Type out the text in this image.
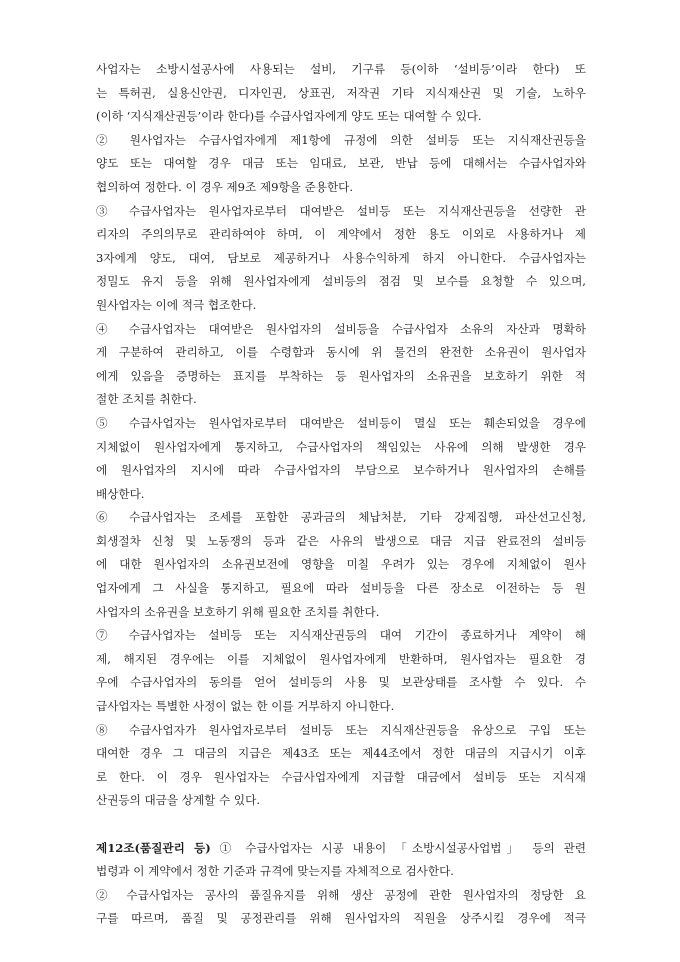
사업자는 소방시설공사에 사용되는 설비, 기구류 등(이하 ‘설비등’이라 한다) 또
는 특허권, 실용신안권, 디자인권, 상표권, 저작권 기타 지식재산권 및 기술, 노하우
(이하 ‘지식재산권등’이라 한다)를 수급사업자에게 양도 또는 대여할 수 있다.
② 원사업자는 수급사업자에게 제1항에 규정에 의한 설비등 또는 지식재산권등을
양도 또는 대여할 경우 대금 또는 임대료, 보관, 반납 등에 대해서는 수급사업자와
협의하여 정한다. 이 경우 제9조 제9항을 준용한다.
③ 수급사업자는 원사업자로부터 대여받은 설비등 또는 지식재산권등을 선량한 관
리자의 주의의무로 관리하여야 하며, 이 계약에서 정한 용도 이외로 사용하거나 제
3자에게 양도, 대여, 담보로 제공하거나 사용수익하게 하지 아니한다. 수급사업자는
정밀도 유지 등을 위해 원사업자에게 설비등의 점검 및 보수를 요청할 수 있으며,
원사업자는 이에 적극 협조한다.
④ 수급사업자는 대여받은 원사업자의 설비등을 수급사업자 소유의 자산과 명확하
게 구분하여 관리하고, 이를 수령함과 동시에 위 물건의 완전한 소유권이 원사업자
에게 있음을 증명하는 표지를 부착하는 등 원사업자의 소유권을 보호하기 위한 적
절한 조치를 취한다.
⑤ 수급사업자는 원사업자로부터 대여받은 설비등이 멸실 또는 훼손되었을 경우에
지체없이 원사업자에게 통지하고, 수급사업자의 책임있는 사유에 의해 발생한 경우
에 원사업자의 지시에 따라 수급사업자의 부담으로 보수하거나 원사업자의 손해를
배상한다.
⑥ 수급사업자는 조세를 포함한 공과금의 체납처분, 기타 강제집행, 파산선고신청,
회생절차 신청 및 노동쟁의 등과 같은 사유의 발생으로 대금 지급 완료전의 설비등
에 대한 원사업자의 소유권보전에 영향을 미칠 우려가 있는 경우에 지체없이 원사
업자에게 그 사실을 통지하고, 필요에 따라 설비등을 다른 장소로 이전하는 등 원
사업자의 소유권을 보호하기 위해 필요한 조치를 취한다.
⑦ 수급사업자는 설비등 또는 지식재산권등의 대여 기간이 종료하거나 계약이 해
제, 해지된 경우에는 이를 지체없이 원사업자에게 반환하며, 원사업자는 필요한 경
우에 수급사업자의 동의를 얻어 설비등의 사용 및 보관상태를 조사할 수 있다. 수
급사업자는 특별한 사정이 없는 한 이를 거부하지 아니한다.
⑧ 수급사업자가 원사업자로부터 설비등 또는 지식재산권등을 유상으로 구입 또는
대여한 경우 그 대금의 지급은 제43조 또는 제44조에서 정한 대금의 지급시기 이후
로 한다. 이 경우 원사업자는 수급사업자에게 지급할 대금에서 설비등 또는 지식재
산권등의 대금을 상계할 수 있다.
제12조(품질관리 등) ① 수급사업자는 시공 내용이 「소방시설공사업법」 등의 관련
법령과 이 계약에서 정한 기준과 규격에 맞는지를 자체적으로 검사한다.
② 수급사업자는 공사의 품질유지를 위해 생산 공정에 관한 원사업자의 정당한 요
구를 따르며, 품질 및 공정관리를 위해 원사업자의 직원을 상주시킬 경우에 적극
